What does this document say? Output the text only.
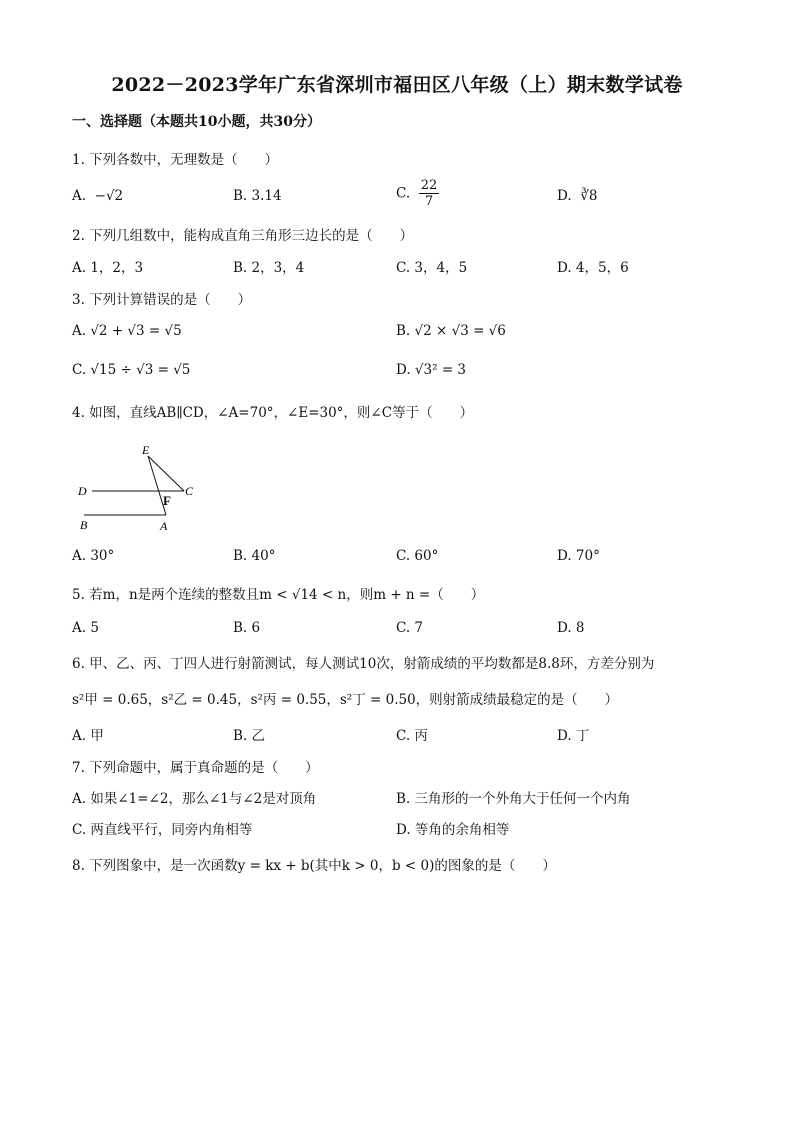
2022－2023学年广东省深圳市福田区八年级（上）期末数学试卷
一、选择题（本题共10小题，共30分）
1. 下列各数中，无理数是（　　）
A. −√2	B. 3.14	C. $\frac{22}{7}$	D. ∛8
2. 下列几组数中，能构成直角三角形三边长的是（　　）
A. 1，2，3	B. 2，3，4	C. 3，4，5	D. 4，5，6
3. 下列计算错误的是（　　）
A. √2 + √3 = √5	B. √2 × √3 = √6
C. √15 ÷ √3 = √5	D. √3² = 3
4. 如图，直线AB∥CD，∠A=70°，∠E=30°，则∠C等于（　　）
E
D	C
F
B	A
A. 30°	B. 40°	C. 60°	D. 70°
5. 若m，n是两个连续的整数且m < √14 < n，则m + n =（　　）
A. 5	B. 6	C. 7	D. 8
6. 甲、乙、丙、丁四人进行射箭测试，每人测试10次，射箭成绩的平均数都是8.8环，方差分别为
s²甲 = 0.65，s²乙 = 0.45，s²丙 = 0.55，s²丁 = 0.50，则射箭成绩最稳定的是（　　）
A. 甲	B. 乙	C. 丙	D. 丁
7. 下列命题中，属于真命题的是（　　）
A. 如果∠1=∠2，那么∠1与∠2是对顶角	B. 三角形的一个外角大于任何一个内角
C. 两直线平行，同旁内角相等	D. 等角的余角相等
8. 下列图象中，是一次函数y = kx + b(其中k > 0，b < 0)的图象的是（　　）
